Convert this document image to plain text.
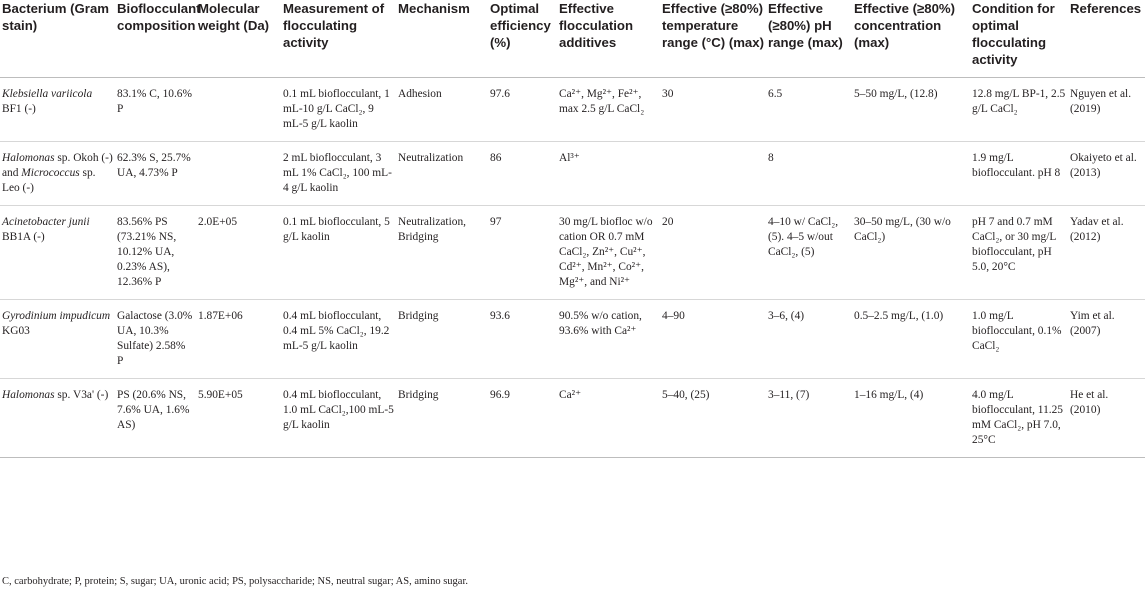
Bacterium (Gram stain)	Bioflocculant composition	Molecular weight (Da)	Measurement of flocculating activity	Mechanism	Optimal efficiency (%)	Effective flocculation additives	Effective (≥80%) temperature range (°C) (max)	Effective (≥80%) pH range (max)	Effective (≥80%) concentration (max)	Condition for optimal flocculating activity	References
Klebsiella variicola BF1 (-)	83.1% C, 10.6% P		0.1 mL bioflocculant, 1 mL-10 g/L CaCl₂, 9 mL-5 g/L kaolin	Adhesion	97.6	Ca²⁺, Mg²⁺, Fe²⁺, max 2.5 g/L CaCl₂	30	6.5	5–50 mg/L, (12.8)	12.8 mg/L BP-1, 2.5 g/L CaCl₂	Nguyen et al. (2019)
Halomonas sp. Okoh (-) and Micrococcus sp. Leo (-)	62.3% S, 25.7% UA, 4.73% P		2 mL bioflocculant, 3 mL 1% CaCl₂, 100 mL-4 g/L kaolin	Neutralization	86	Al³⁺		8		1.9 mg/L bioflocculant. pH 8	Okaiyeto et al. (2013)
Acinetobacter junii BB1A (-)	83.56% PS (73.21% NS, 10.12% UA, 0.23% AS), 12.36% P	2.0E+05	0.1 mL bioflocculant, 5 g/L kaolin	Neutralization, Bridging	97	30 mg/L biofloc w/o cation OR 0.7 mM CaCl₂, Zn²⁺, Cu²⁺, Cd²⁺, Mn²⁺, Co²⁺, Mg²⁺, and Ni²⁺	20	4–10 w/ CaCl₂, (5). 4–5 w/out CaCl₂, (5)	30–50 mg/L, (30 w/o CaCl₂)	pH 7 and 0.7 mM CaCl₂, or 30 mg/L bioflocculant, pH 5.0, 20°C	Yadav et al. (2012)
Gyrodinium impudicum KG03	Galactose (3.0% UA, 10.3% Sulfate) 2.58% P	1.87E+06	0.4 mL bioflocculant, 0.4 mL 5% CaCl₂, 19.2 mL-5 g/L kaolin	Bridging	93.6	90.5% w/o cation, 93.6% with Ca²⁺	4–90	3–6, (4)	0.5–2.5 mg/L, (1.0)	1.0 mg/L bioflocculant, 0.1% CaCl₂	Yim et al. (2007)
Halomonas sp. V3a' (-)	PS (20.6% NS, 7.6% UA, 1.6% AS)	5.90E+05	0.4 mL bioflocculant, 1.0 mL CaCl₂,100 mL-5 g/L kaolin	Bridging	96.9	Ca²⁺	5–40, (25)	3–11, (7)	1–16 mg/L, (4)	4.0 mg/L bioflocculant, 11.25 mM CaCl₂, pH 7.0, 25°C	He et al. (2010)
C, carbohydrate; P, protein; S, sugar; UA, uronic acid; PS, polysaccharide; NS, neutral sugar; AS, amino sugar.
